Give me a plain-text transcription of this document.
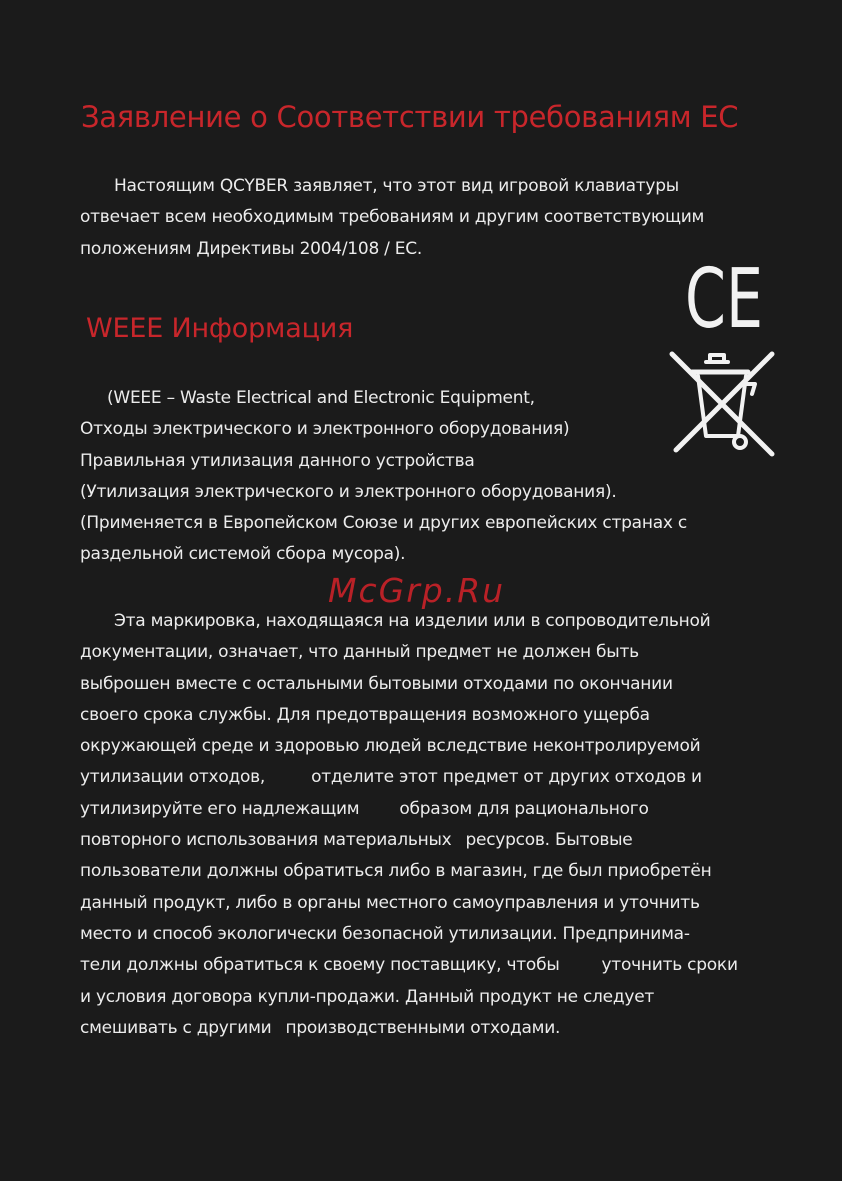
Заявление о Соответствии требованиям ЕС
Настоящим QCYBER заявляет, что этот вид игровой клавиатуры
отвечает всем необходимым требованиям и другим соответствующим
положениям Директивы 2004/108 / EC.
CE
WEEE Информация
(WEEE – Waste Electrical and Electronic Equipment,
Отходы электрического и электронного оборудования)
Правильная утилизация данного устройства
(Утилизация электрического и электронного оборудования).
(Применяется в Европейском Союзе и других европейских странах с
раздельной системой сбора мусора).
McGrp.Ru
Эта маркировка, находящаяся на изделии или в сопроводительной
документации, означает, что данный предмет не должен быть
выброшен вместе с остальными бытовыми отходами по окончании
своего срока службы. Для предотвращения возможного ущерба
окружающей среде и здоровью людей вследствие неконтролируемой
утилизации отходов,	отделите этот предмет от других отходов и
утилизируйте его надлежащим образом для рационального
повторного использования материальных ресурсов. Бытовые
пользователи должны обратиться либо в магазин, где был приобретён
данный продукт, либо в органы местного самоуправления и уточнить
место и способ экологически безопасной утилизации. Предпринима-
тели должны обратиться к своему поставщику, чтобы уточнить сроки
и условия договора купли-продажи. Данный продукт не следует
смешивать с другими производственными отходами.
